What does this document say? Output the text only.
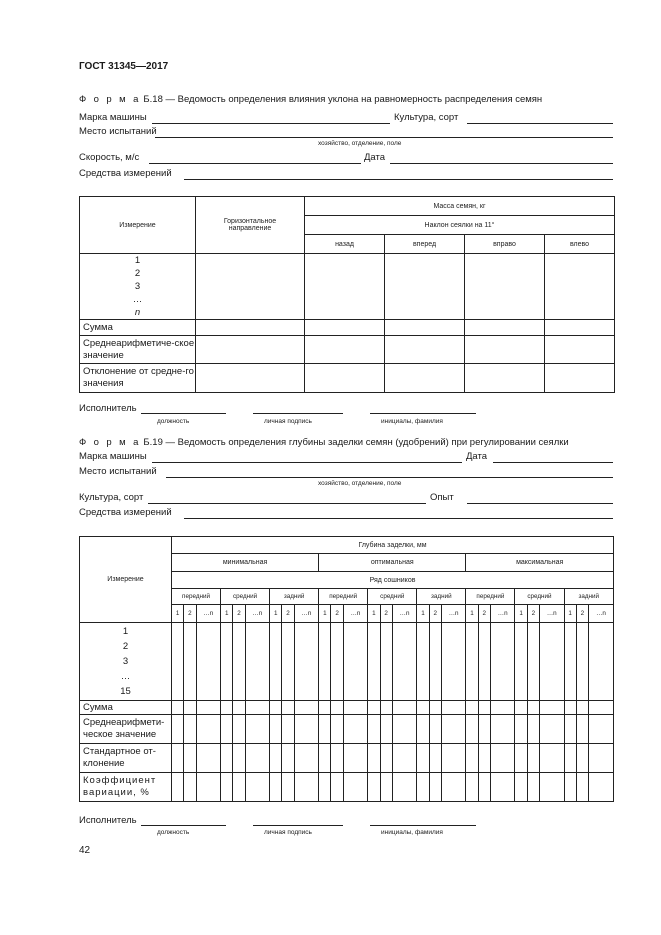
ГОСТ 31345—2017
Ф о р м а Б.18 — Ведомость определения влияния уклона на равномерность распределения семян
Марка машины	Культура, сорт
Место испытаний
хозяйство, отделение, поле
Скорость, м/с	Дата
Средства измерений
Измерение	Горизонтальное направление	Масса семян, кг			
		Наклон сеялки на 11°			
		назад	вперед	вправо	влево

1
2
3
…
n					

Сумма					
Среднеарифметиче-ское значение					
Отклонение от средне-го значения					
Исполнитель
должность	личная подпись	инициалы, фамилия
Ф о р м а Б.19 — Ведомость определения глубины заделки семян (удобрений) при регулировании сеялки
Марка машины	Дата
Место испытаний
хозяйство, отделение, поле
Культура, сорт	Опыт
Средства измерений
Измерение	Глубина заделки, мм																										
	минимальная									оптимальная									максимальная								
	Ряд сошников																										
	передний			средний			задний			передний			средний			задний			передний			средний			задний		
	1	2	…n	1	2	…n	1	2	…n	1	2	…n	1	2	…n	1	2	…n	1	2	…n	1	2	…n	1	2	…n

1
2
3
…
15																											

Сумма																											
Среднеарифмети-ческое значение																											
Стандартное от-клонение																											
Коэффициент вариации, %																											
Исполнитель
должность	личная подпись	инициалы, фамилия
42
